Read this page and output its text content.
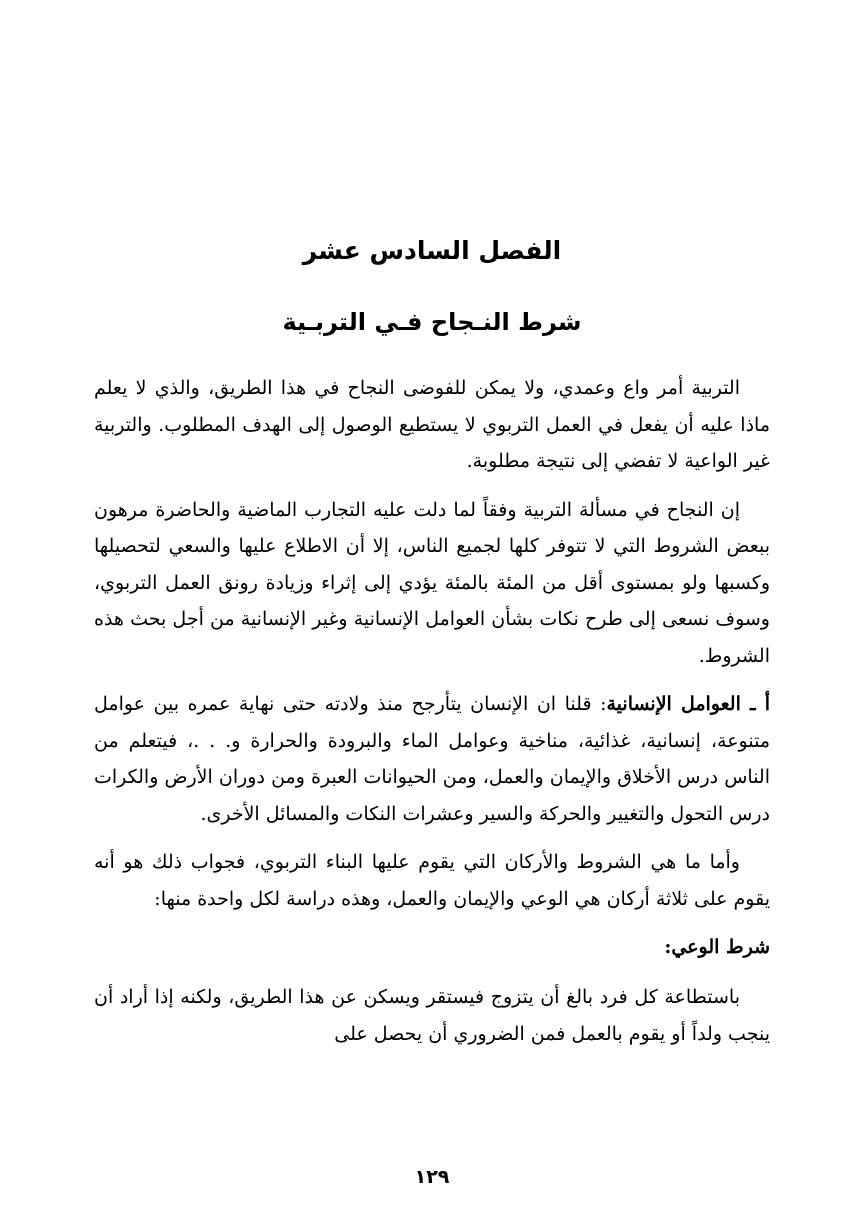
الفصل السادس عشر
شرط النـجاح فـي التربـية

التربية أمر واع وعمدي، ولا يمكن للفوضى النجاح في هذا الطريق، والذي لا يعلم ماذا عليه أن يفعل في العمل التربوي لا يستطيع الوصول إلى الهدف المطلوب. والتربية غير الواعية لا تفضي إلى نتيجة مطلوبة.

إن النجاح في مسألة التربية وفقاً لما دلت عليه التجارب الماضية والحاضرة مرهون ببعض الشروط التي لا تتوفر كلها لجميع الناس، إلا أن الاطلاع عليها والسعي لتحصيلها وكسبها ولو بمستوى أقل من المئة بالمئة يؤدي إلى إثراء وزيادة رونق العمل التربوي، وسوف نسعى إلى طرح نكات بشأن العوامل الإنسانية وغير الإنسانية من أجل بحث هذه الشروط.

أ ـ العوامل الإنسانية: قلنا ان الإنسان يتأرجح منذ ولادته حتى نهاية عمره بين عوامل متنوعة، إنسانية، غذائية، مناخية وعوامل الماء والبرودة والحرارة و. . .، فيتعلم من الناس درس الأخلاق والإيمان والعمل، ومن الحيوانات العبرة ومن دوران الأرض والكرات درس التحول والتغيير والحركة والسير وعشرات النكات والمسائل الأخرى.

وأما ما هي الشروط والأركان التي يقوم عليها البناء التربوي، فجواب ذلك هو أنه يقوم على ثلاثة أركان هي الوعي والإيمان والعمل، وهذه دراسة لكل واحدة منها:

شرط الوعي:

باستطاعة كل فرد بالغ أن يتزوج فيستقر ويسكن عن هذا الطريق، ولكنه إذا أراد أن ينجب ولداً أو يقوم بالعمل فمن الضروري أن يحصل على

١٢٩
